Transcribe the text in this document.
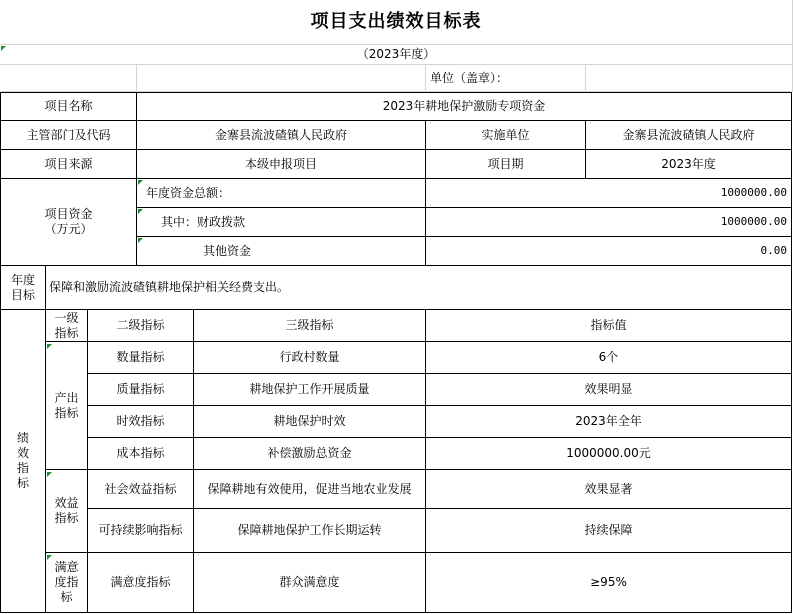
项目支出绩效目标表
（2023年度）
单位（盖章）：
项目名称	2023年耕地保护激励专项资金
主管部门及代码	金寨县流波碴镇人民政府	实施单位	金寨县流波碴镇人民政府
项目来源	本级申报项目	项目期	2023年度
项目资金
（万元）
年度资金总额：	1000000.00
其中：财政拨款	1000000.00
其他资金	0.00
年度
目标
保障和激励流波碴镇耕地保护相关经费支出。
绩
效
指
标
一级
指标
二级指标	三级指标	指标值
产出
指标
数量指标	行政村数量	6个
质量指标	耕地保护工作开展质量	效果明显
时效指标	耕地保护时效	2023年全年
成本指标	补偿激励总资金	1000000.00元
效益
指标
社会效益指标	保障耕地有效使用，促进当地农业发展	效果显著
可持续影响指标	保障耕地保护工作长期运转	持续保障
满意
度指
标
满意度指标	群众满意度	≥95%
